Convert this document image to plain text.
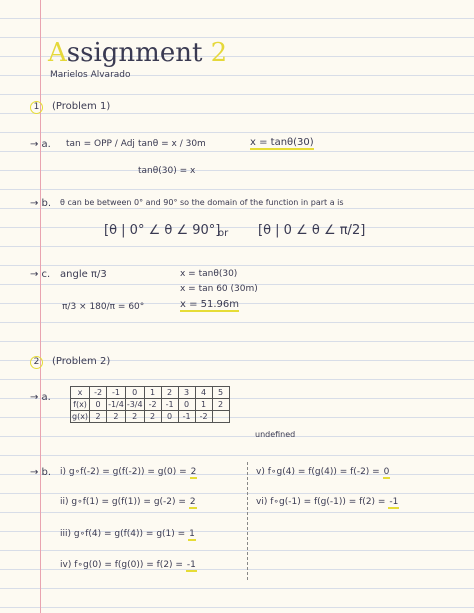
Assignment 2
Marielos Alvarado
1	(Problem 1)
→ a. tan = OPP / Adj tanθ = x / 30m
tanθ(30) = x
x = tanθ(30)
→ b. θ can be between 0° and 90° so the domain of the function in part a is
[θ | 0° ∠ θ ∠ 90°]
or [θ | 0 ∠ θ ∠ π/2]
→ c. angle π/3
π/3 × 180/π = 60°
x = tanθ(30)
x = tan 60 (30m)
x = 51.96m
2	(Problem 2)
→ a.	x	-2	-1	0	1	2	3	4	5
f(x)	0	-1/4	-3/4	-2	-1	0	1	2
g(x)	2	2	2	2	0	-1	-2	
undefined
→ b. i) g∘f(-2) = g(f(-2)) = g(0) = 2
ii) g∘f(1) = g(f(1)) = g(-2) = 2
iii) g∘f(4) = g(f(4)) = g(1) = 1
iv) f∘g(0) = f(g(0)) = f(2) = -1
v) f∘g(4) = f(g(4)) = f(-2) = 0
vi) f∘g(-1) = f(g(-1)) = f(2) = -1
